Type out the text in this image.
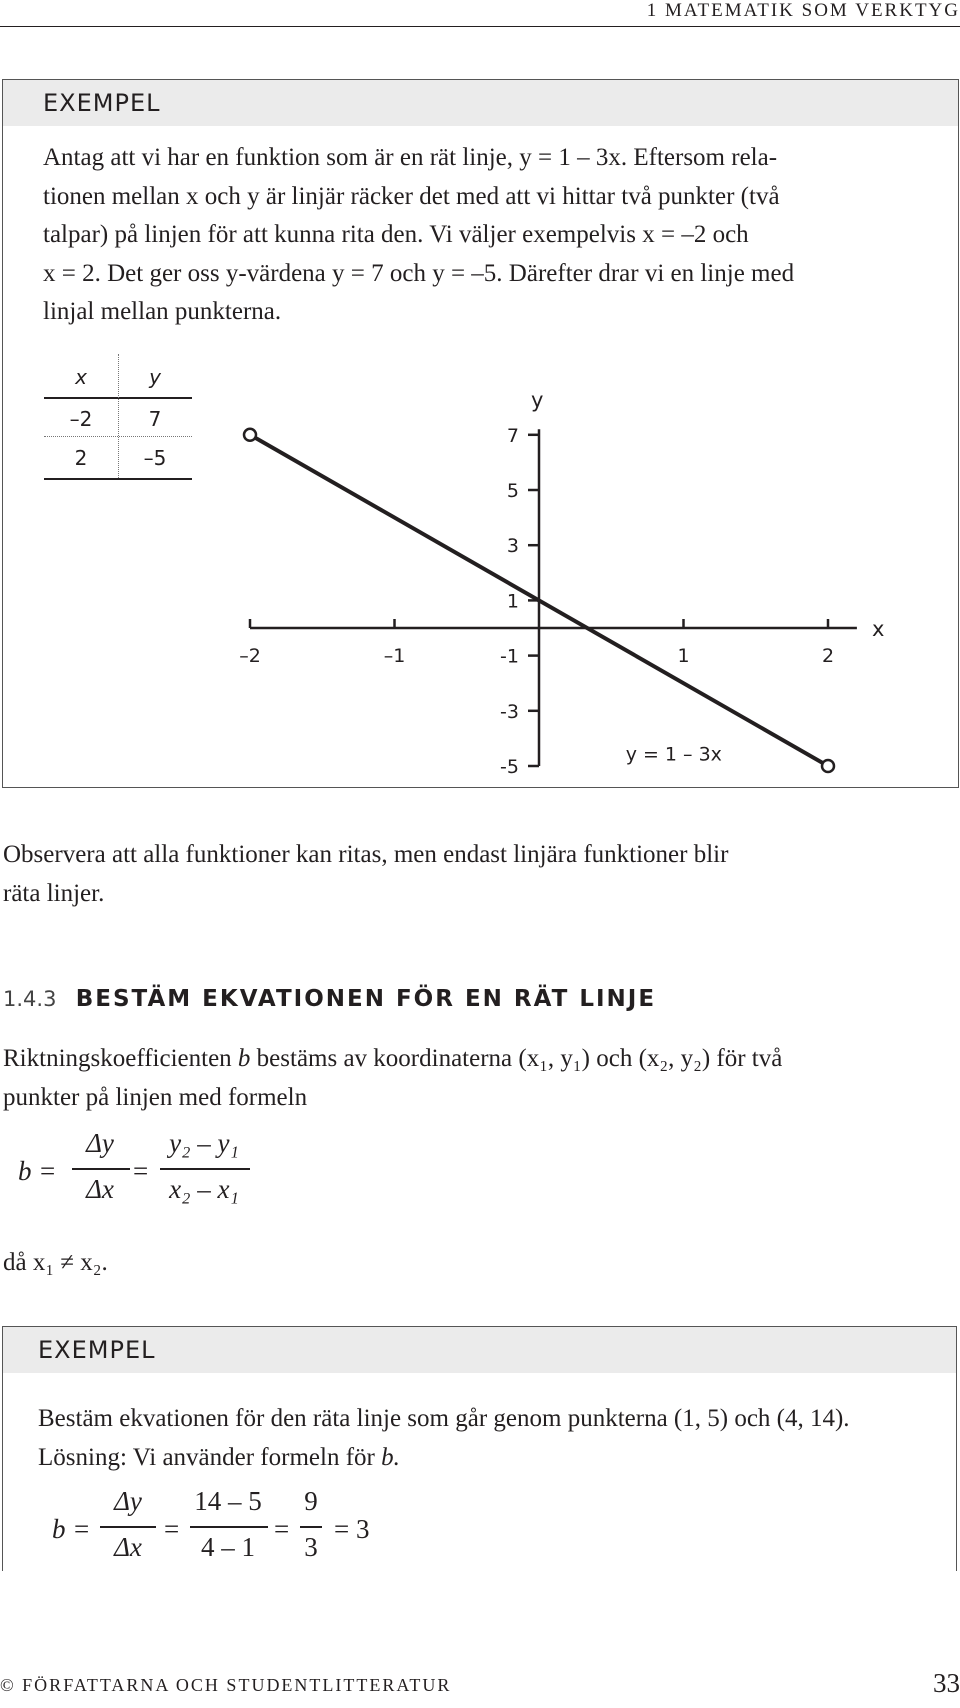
1 MATEMATIK SOM VERKTYG
EXEMPEL
Antag att vi har en funktion som är en rät linje, y = 1 – 3x. Eftersom rela-
tionen mellan x och y är linjär räcker det med att vi hittar två punkter (två
talpar) på linjen för att kunna rita den. Vi väljer exempelvis x = –2 och
x = 2. Det ger oss y-värdena y = 7 och y = –5. Därefter drar vi en linje med
linjal mellan punkterna.
x	y
–2	7
2	–5
–2	–1	1	2
7
5
3
1
-1
-3
-5
x
y
y = 1 – 3x
Observera att alla funktioner kan ritas, men endast linjära funktioner blir
räta linjer.
1.4.3 BESTÄM EKVATIONEN FÖR EN RÄT LINJE
Riktningskoefficienten b bestäms av koordinaterna (x₁, y₁) och (x₂, y₂) för två
punkter på linjen med formeln
b =
Δy
Δx
=
y₂ – y₁
x₂ – x₁
då x₁ ≠ x₂.
EXEMPEL
Bestäm ekvationen för den räta linje som går genom punkterna (1, 5) och (4, 14).
Lösning: Vi använder formeln för b.
b =
Δy
Δx
=
14 – 5
4 – 1
=
9
3
= 3
© FÖRFATTARNA OCH STUDENTLITTERATUR	33
